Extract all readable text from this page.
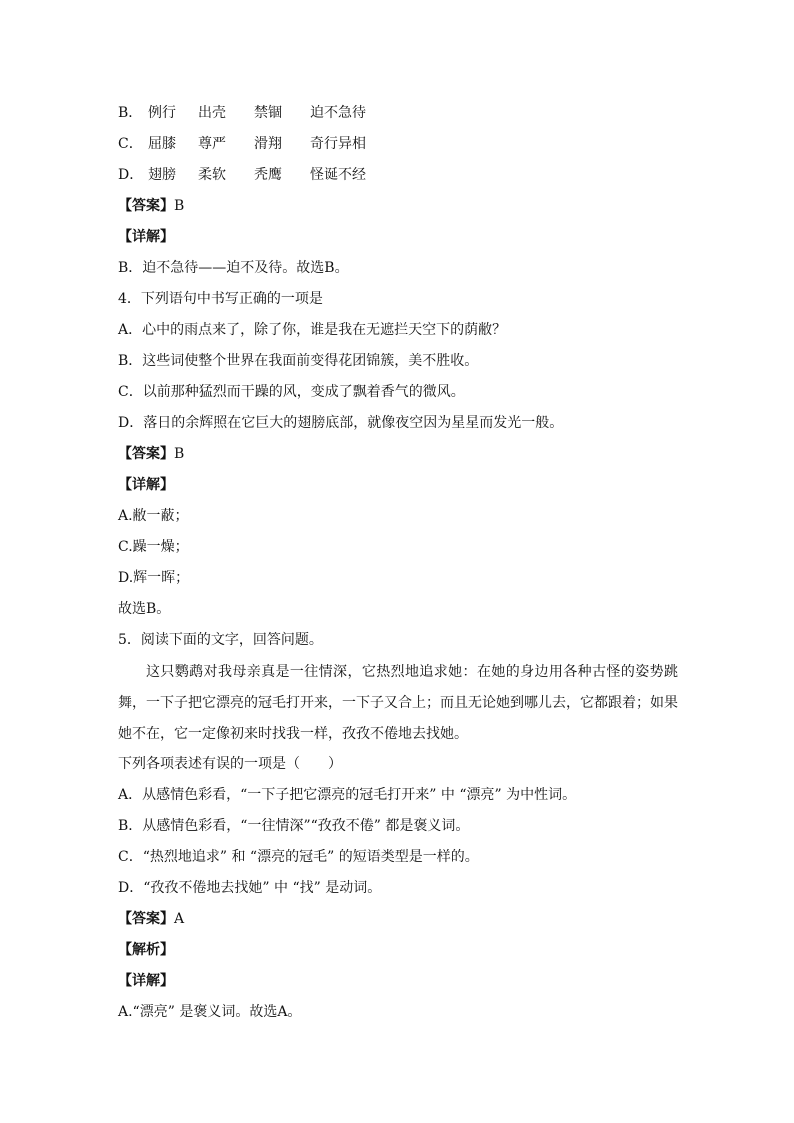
B． 例行 出壳 禁锢 迫不急待
C． 屈膝 尊严 滑翔 奇行异相
D． 翅膀 柔软 秃鹰 怪诞不经
【答案】B
【详解】
B．迫不急待——迫不及待。故选B。
4．下列语句中书写正确的一项是
A．心中的雨点来了，除了你，谁是我在无遮拦天空下的荫敝？
B．这些词使整个世界在我面前变得花团锦簇，美不胜收。
C．以前那种猛烈而干躁的风，变成了飘着香气的微风。
D．落日的余辉照在它巨大的翅膀底部，就像夜空因为星星而发光一般。
【答案】B
【详解】
A.敝一蔽；
C.躁一燥；
D.辉一晖；
故选B。
5．阅读下面的文字，回答问题。
这只鹦鹉对我母亲真是一往情深，它热烈地追求她：在她的身边用各种古怪的姿势跳舞，一下子把它漂亮的冠毛打开来，一下子又合上；而且无论她到哪儿去，它都跟着；如果她不在，它一定像初来时找我一样，孜孜不倦地去找她。
下列各项表述有误的一项是（　　）
A．从感情色彩看，“一下子把它漂亮的冠毛打开来” 中 “漂亮” 为中性词。
B．从感情色彩看，“一往情深”“孜孜不倦” 都是褒义词。
C．“热烈地追求” 和 “漂亮的冠毛” 的短语类型是一样的。
D．“孜孜不倦地去找她” 中 “找” 是动词。
【答案】A
【解析】
【详解】
A.“漂亮” 是褒义词。故选A。
